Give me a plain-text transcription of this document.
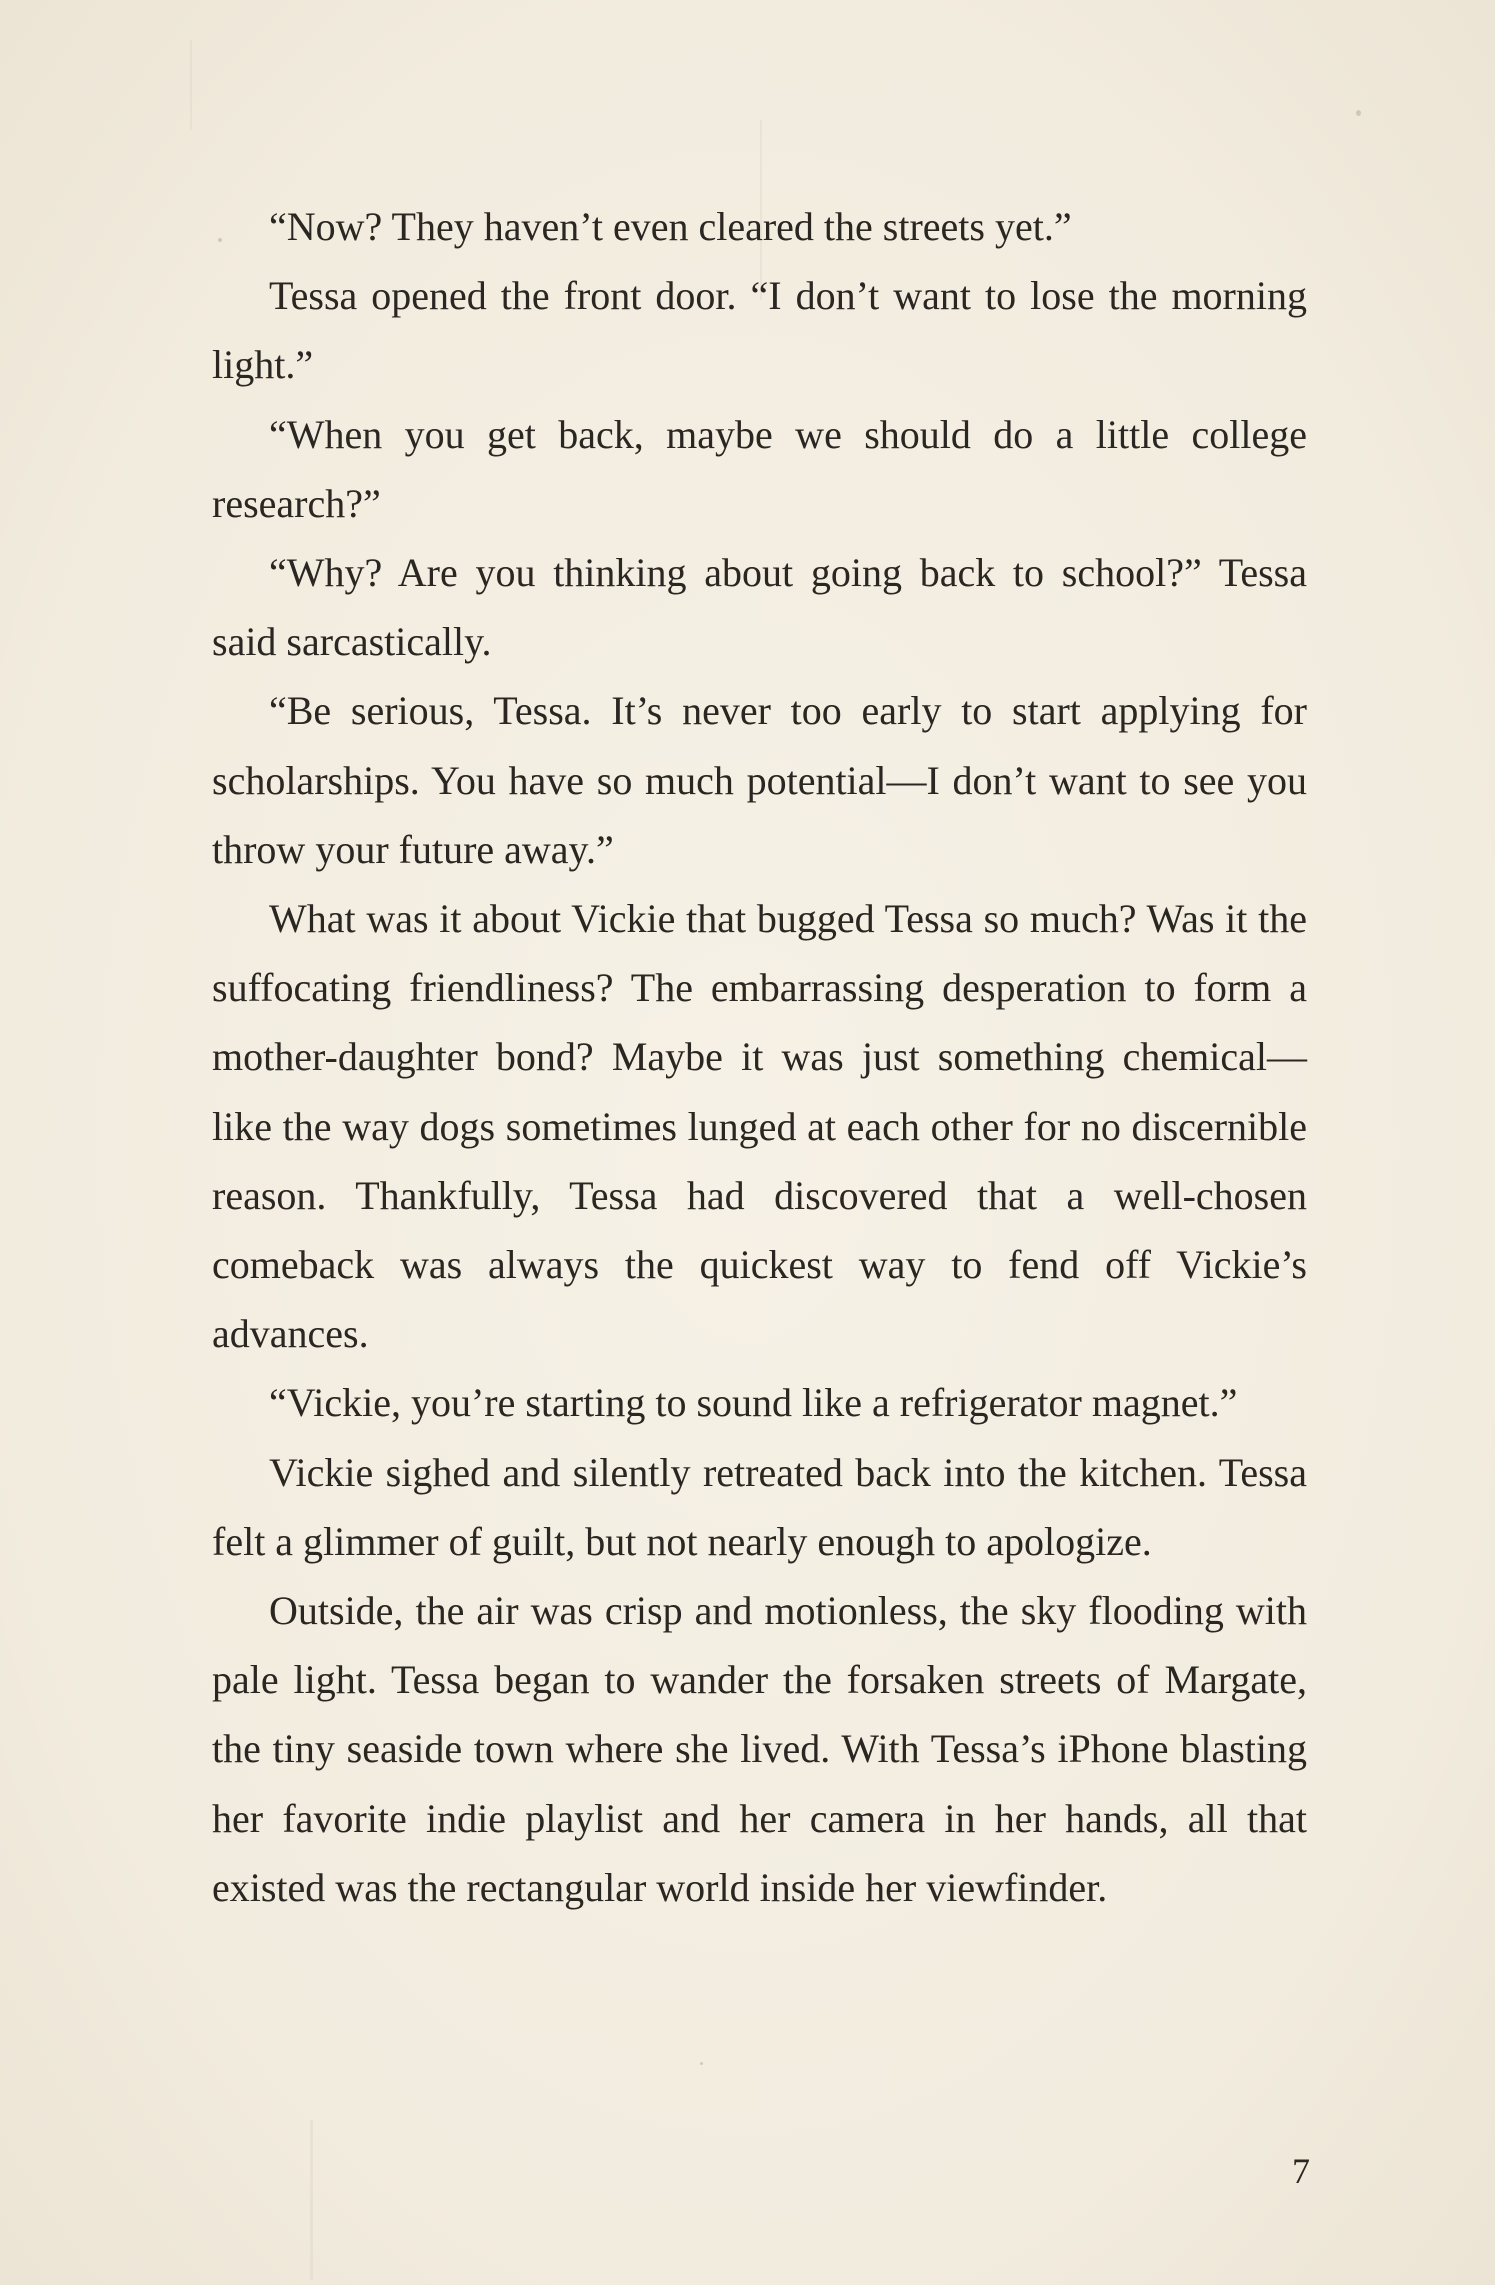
“Now? They haven’t even cleared the streets yet.”

Tessa opened the front door. “I don’t want to lose the morning light.”

“When you get back, maybe we should do a little college research?”

“Why? Are you thinking about going back to school?” Tessa said sarcastically.

“Be serious, Tessa. It’s never too early to start applying for scholarships. You have so much potential—I don’t want to see you throw your future away.”

What was it about Vickie that bugged Tessa so much? Was it the suffocating friendliness? The embarrassing desperation to form a mother-daughter bond? Maybe it was just something chemical—like the way dogs sometimes lunged at each other for no discernible reason. Thankfully, Tessa had discovered that a well-chosen comeback was always the quickest way to fend off Vickie’s advances.

“Vickie, you’re starting to sound like a refrigerator magnet.”

Vickie sighed and silently retreated back into the kitchen. Tessa felt a glimmer of guilt, but not nearly enough to apologize.

Outside, the air was crisp and motionless, the sky flooding with pale light. Tessa began to wander the forsaken streets of Margate, the tiny seaside town where she lived. With Tessa’s iPhone blasting her favorite indie playlist and her camera in her hands, all that existed was the rectangular world inside her viewfinder.

7
